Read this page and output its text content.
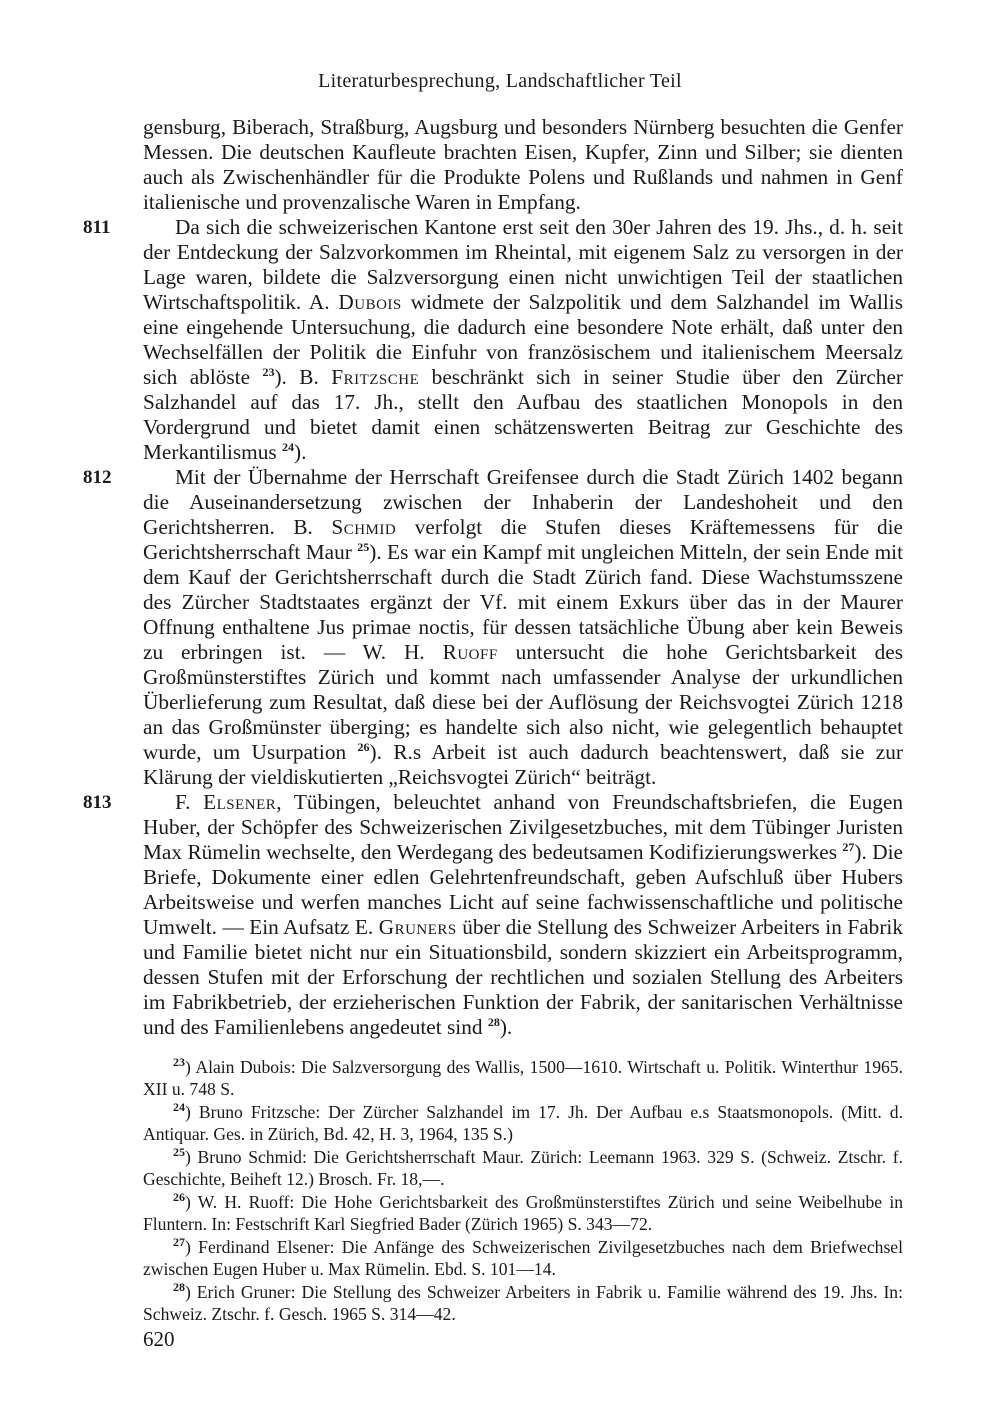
Literaturbesprechung, Landschaftlicher Teil

gensburg, Biberach, Straßburg, Augsburg und besonders Nürnberg besuchten die Genfer Messen. Die deutschen Kaufleute brachten Eisen, Kupfer, Zinn und Silber; sie dienten auch als Zwischenhändler für die Produkte Polens und Rußlands und nahmen in Genf italienische und provenzalische Waren in Empfang.

811	Da sich die schweizerischen Kantone erst seit den 30er Jahren des 19. Jhs., d. h. seit der Entdeckung der Salzvorkommen im Rheintal, mit eigenem Salz zu versorgen in der Lage waren, bildete die Salzversorgung einen nicht unwichtigen Teil der staatlichen Wirtschaftspolitik. A. Dubois widmete der Salzpolitik und dem Salzhandel im Wallis eine eingehende Untersuchung, die dadurch eine besondere Note erhält, daß unter den Wechselfällen der Politik die Einfuhr von französischem und italienischem Meersalz sich ablöste $^{23}$). B. Fritzsche beschränkt sich in seiner Studie über den Zürcher Salzhandel auf das 17. Jh., stellt den Aufbau des staatlichen Monopols in den Vordergrund und bietet damit einen schätzenswerten Beitrag zur Geschichte des Merkantilismus $^{24}$).

812	Mit der Übernahme der Herrschaft Greifensee durch die Stadt Zürich 1402 begann die Auseinandersetzung zwischen der Inhaberin der Landeshoheit und den Gerichtsherren. B. Schmid verfolgt die Stufen dieses Kräftemessens für die Gerichtsherrschaft Maur $^{25}$). Es war ein Kampf mit ungleichen Mitteln, der sein Ende mit dem Kauf der Gerichtsherrschaft durch die Stadt Zürich fand. Diese Wachstumsszene des Zürcher Stadtstaates ergänzt der Vf. mit einem Exkurs über das in der Maurer Offnung enthaltene Jus primae noctis, für dessen tatsächliche Übung aber kein Beweis zu erbringen ist. — W. H. Ruoff untersucht die hohe Gerichtsbarkeit des Großmünsterstiftes Zürich und kommt nach umfassender Analyse der urkundlichen Überlieferung zum Resultat, daß diese bei der Auflösung der Reichsvogtei Zürich 1218 an das Großmünster überging; es handelte sich also nicht, wie gelegentlich behauptet wurde, um Usurpation $^{26}$). R.s Arbeit ist auch dadurch beachtenswert, daß sie zur Klärung der vieldiskutierten „Reichsvogtei Zürich“ beiträgt.

813	F. Elsener, Tübingen, beleuchtet anhand von Freundschaftsbriefen, die Eugen Huber, der Schöpfer des Schweizerischen Zivilgesetzbuches, mit dem Tübinger Juristen Max Rümelin wechselte, den Werdegang des bedeutsamen Kodifizierungswerkes $^{27}$). Die Briefe, Dokumente einer edlen Gelehrtenfreundschaft, geben Aufschluß über Hubers Arbeitsweise und werfen manches Licht auf seine fachwissenschaftliche und politische Umwelt. — Ein Aufsatz E. Gruners über die Stellung des Schweizer Arbeiters in Fabrik und Familie bietet nicht nur ein Situationsbild, sondern skizziert ein Arbeitsprogramm, dessen Stufen mit der Erforschung der rechtlichen und sozialen Stellung des Arbeiters im Fabrikbetrieb, der erzieherischen Funktion der Fabrik, der sanitarischen Verhältnisse und des Familienlebens angedeutet sind $^{28}$).

$^{23}$) Alain Dubois: Die Salzversorgung des Wallis, 1500—1610. Wirtschaft u. Politik. Winterthur 1965. XII u. 748 S.

$^{24}$) Bruno Fritzsche: Der Zürcher Salzhandel im 17. Jh. Der Aufbau e.s Staatsmonopols. (Mitt. d. Antiquar. Ges. in Zürich, Bd. 42, H. 3, 1964, 135 S.)

$^{25}$) Bruno Schmid: Die Gerichtsherrschaft Maur. Zürich: Leemann 1963. 329 S. (Schweiz. Ztschr. f. Geschichte, Beiheft 12.) Brosch. Fr. 18,—.

$^{26}$) W. H. Ruoff: Die Hohe Gerichtsbarkeit des Großmünsterstiftes Zürich und seine Weibelhube in Fluntern. In: Festschrift Karl Siegfried Bader (Zürich 1965) S. 343—72.

$^{27}$) Ferdinand Elsener: Die Anfänge des Schweizerischen Zivilgesetzbuches nach dem Briefwechsel zwischen Eugen Huber u. Max Rümelin. Ebd. S. 101—14.

$^{28}$) Erich Gruner: Die Stellung des Schweizer Arbeiters in Fabrik u. Familie während des 19. Jhs. In: Schweiz. Ztschr. f. Gesch. 1965 S. 314—42.

620
